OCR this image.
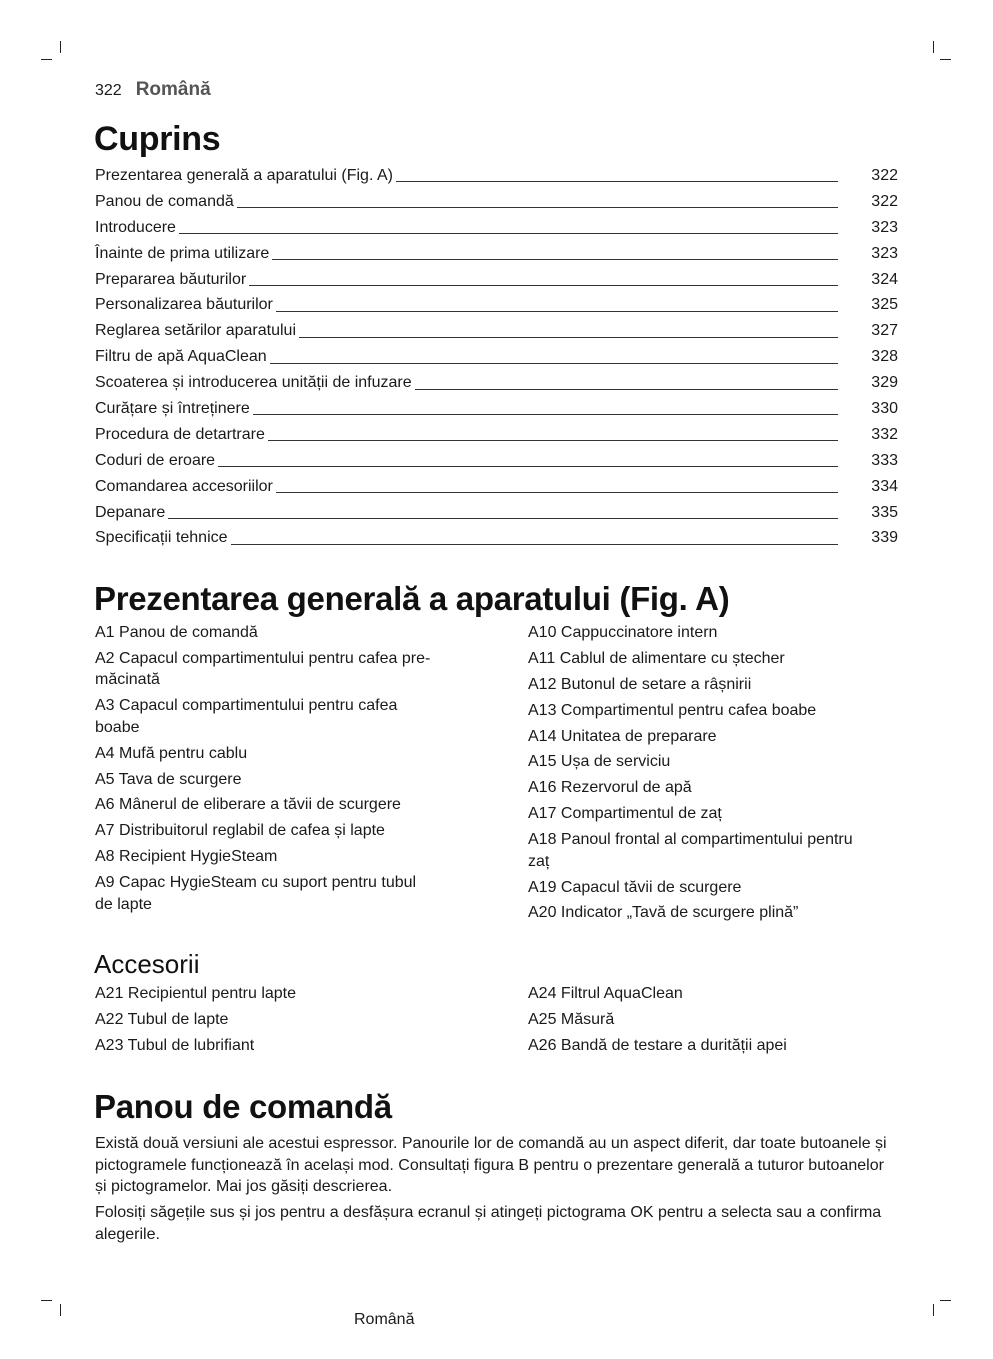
322 Română
Cuprins
Prezentarea generală a aparatului (Fig. A)	322
Panou de comandă	322
Introducere	323
Înainte de prima utilizare	323
Prepararea băuturilor	324
Personalizarea băuturilor	325
Reglarea setărilor aparatului	327
Filtru de apă AquaClean	328
Scoaterea și introducerea unității de infuzare	329
Curățare și întreținere	330
Procedura de detartrare	332
Coduri de eroare	333
Comandarea accesoriilor	334
Depanare	335
Specificații tehnice	339
Prezentarea generală a aparatului (Fig. A)
A1 Panou de comandă
A2 Capacul compartimentului pentru cafea pre-
măcinată
A3 Capacul compartimentului pentru cafea
boabe
A4 Mufă pentru cablu
A5 Tava de scurgere
A6 Mânerul de eliberare a tăvii de scurgere
A7 Distribuitorul reglabil de cafea și lapte
A8 Recipient HygieSteam
A9 Capac HygieSteam cu suport pentru tubul
de lapte
A10 Cappuccinatore intern
A11 Cablul de alimentare cu ștecher
A12 Butonul de setare a râșnirii
A13 Compartimentul pentru cafea boabe
A14 Unitatea de preparare
A15 Ușa de serviciu
A16 Rezervorul de apă
A17 Compartimentul de zaț
A18 Panoul frontal al compartimentului pentru
zaț
A19 Capacul tăvii de scurgere
A20 Indicator „Tavă de scurgere plină”
Accesorii
A21 Recipientul pentru lapte
A22 Tubul de lapte
A23 Tubul de lubrifiant
A24 Filtrul AquaClean
A25 Măsură
A26 Bandă de testare a durității apei
Panou de comandă

Există două versiuni ale acestui espressor. Panourile lor de comandă au un aspect diferit, dar toate butoanele și pictogramele funcționează în același mod. Consultați figura B pentru o prezentare generală a tuturor butoanelor și pictogramelor. Mai jos găsiți descrierea.

Folosiți săgețile sus și jos pentru a desfășura ecranul și atingeți pictograma OK pentru a selecta sau a confirma alegerile.

Română
